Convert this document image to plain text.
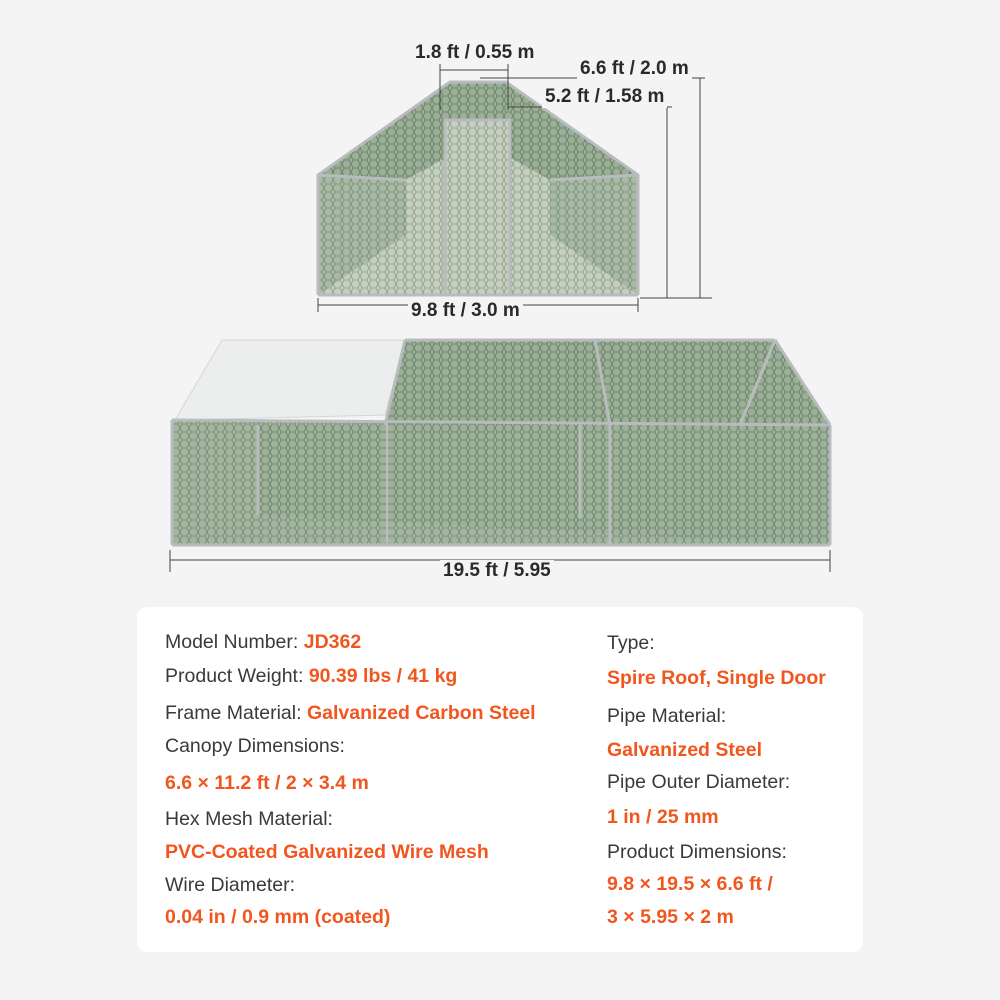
1.8 ft / 0.55 m
6.6 ft / 2.0 m
5.2 ft / 1.58 m
9.8 ft / 3.0 m
19.5 ft / 5.95
Model Number: JD362
Product Weight: 90.39 lbs / 41 kg
Frame Material: Galvanized Carbon Steel
Canopy Dimensions:
6.6 × 11.2 ft / 2 × 3.4 m
Hex Mesh Material:
PVC-Coated Galvanized Wire Mesh
Wire Diameter:
0.04 in / 0.9 mm (coated)
Type:
Spire Roof, Single Door
Pipe Material:
Galvanized Steel
Pipe Outer Diameter:
1 in / 25 mm
Product Dimensions:
9.8 × 19.5 × 6.6 ft /
3 × 5.95 × 2 m
